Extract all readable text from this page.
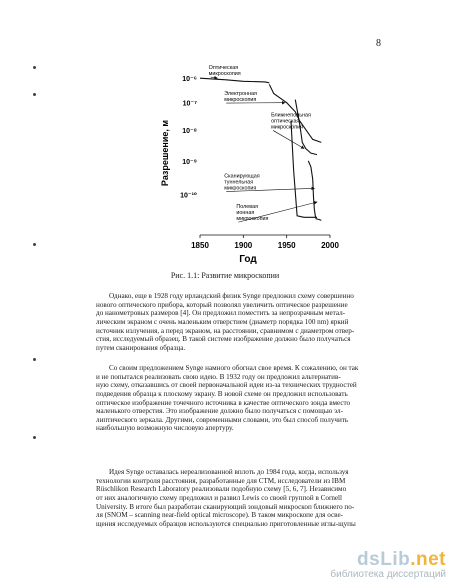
8
Оптическая микроскопия
Электронная микроскопия
Ближнепольная оптическая микроскопия
Сканирующая туннельная микроскопия
Полевая ионная микроскопия
1850	1900	1950	2000
10⁻⁶
10⁻⁷
10⁻⁸
10⁻⁹
10⁻¹⁰
Год
Разрешение, м
Рис. 1.1: Развитие микроскопии

Однако, еще в 1928 году ирландский физик Synge предложил схему совершенно
нового оптического прибора, который позволял увеличить оптическое разрешение
до нанометровых размеров [4]. Он предложил поместить за непрозрачным метал-
лическим экраном с очень маленьким отверстием (диаметр порядка 100 nm) яркий
источник излучения, а перед экраном, на расстоянии, сравнимом с диаметром отвер-
стия, исследуемый образец. В такой системе изображение должно было получаться
путем сканирования образца.

Со своим предложением Synge намного обогнал свое время. К сожалению, он так
и не попытался реализовать свою идею. В 1932 году он предложил альтернатив-
ную схему, отказавшись от своей первоначальной идеи из-за технических трудностей
подведения образца к плоскому экрану. В новой схеме он предложил использовать
оптическое изображение точечного источника в качестве оптического зонда вместо
маленького отверстия. Это изображение должно было получаться с помощью эл-
липтического зеркала. Другими, современными словами, это был способ получить
наибольшую возможную числовую апертуру.

Идея Synge оставалась нереализованной вплоть до 1984 года, когда, используя
технологии контроля расстояния, разработанные для СТМ, исследователи из IBM
Rüschlikon Research Laboratory реализовали подобную схему [5, 6, 7]. Независимо
от них аналогичную схему предложил и развил Lewis со своей группой в Cornell
University. В итоге был разработан сканирующий зондовый микроскоп ближнего по-
ля (SNOM – scanning near-field optical microscope). В таком микроскопе для осве-
щения исследуемых образцов используются специально приготовленные иглы-щупы

dsLib.net
библиотека диссертаций
